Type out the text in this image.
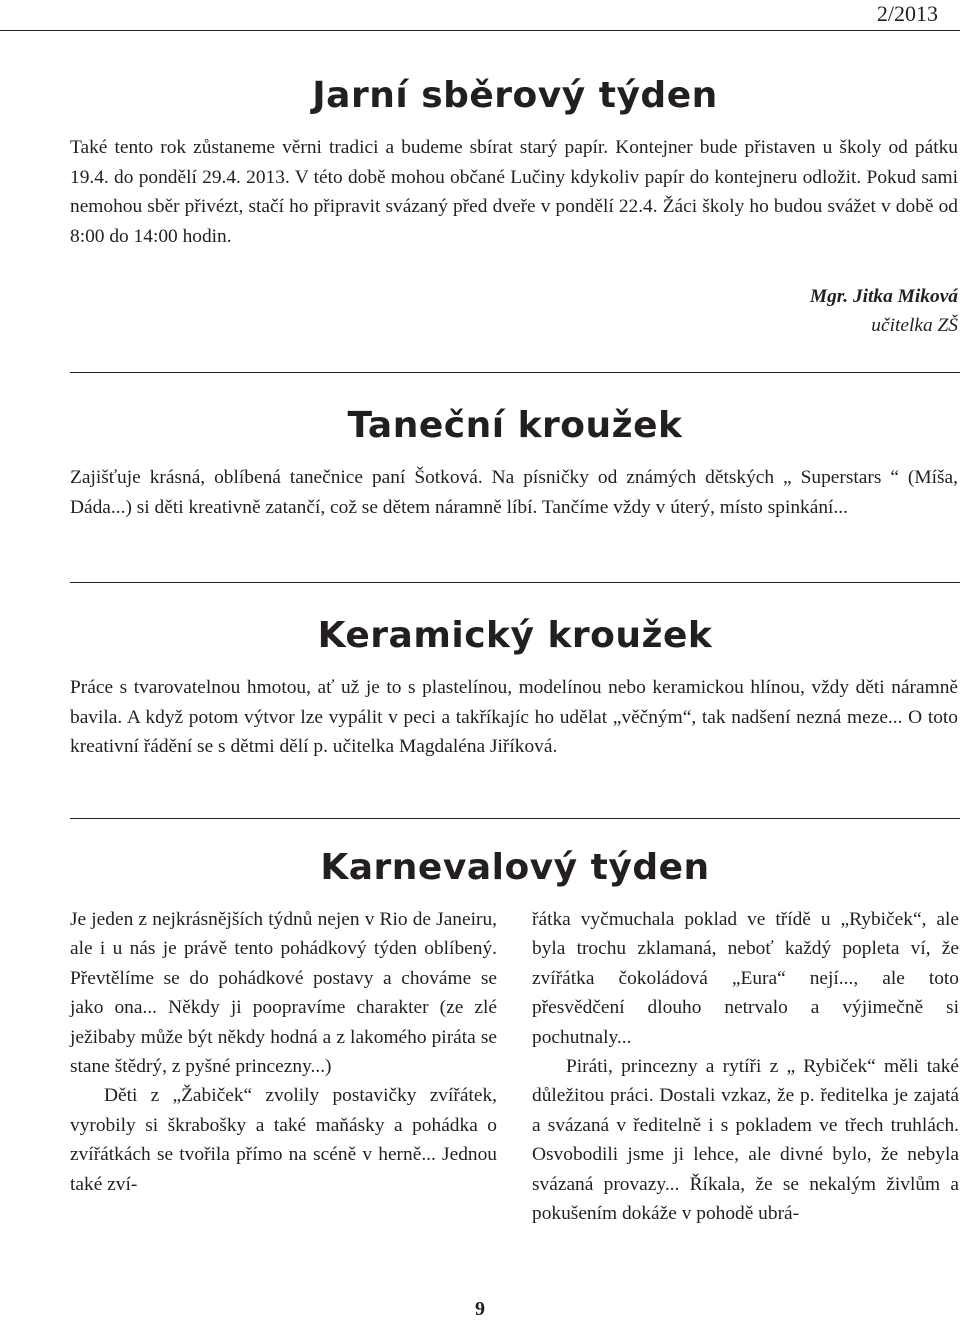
2/2013
Jarní sběrový týden

Také tento rok zůstaneme věrni tradici a budeme sbírat starý papír. Kontejner bude přistaven u školy od pátku 19.4. do pondělí 29.4. 2013. V této době mohou občané Lučiny kdykoliv papír do kontejneru odložit. Pokud sami nemohou sběr přivézt, stačí ho připravit svázaný před dveře v pondělí 22.4. Žáci školy ho budou svážet v době od 8:00 do 14:00 hodin.

Mgr. Jitka Miková
učitelka ZŠ
Taneční kroužek

Zajišťuje krásná, oblíbená tanečnice paní Šotková. Na písničky od známých dětských „ Superstars “ (Míša, Dáda...) si děti kreativně zatančí, což se dětem náramně líbí. Tančíme vždy v úterý, místo spinkání...

Keramický kroužek

Práce s tvarovatelnou hmotou, ať už je to s plastelínou, modelínou nebo keramickou hlínou, vždy děti náramně bavila. A když potom výtvor lze vypálit v peci a takříkajíc ho udělat „věčným“, tak nadšení nezná meze... O toto kreativní řádění se s dětmi dělí p. učitelka Magdaléna Jiříková.

Karnevalový týden

Je jeden z nejkrásnějších týdnů nejen v Rio de Janeiru, ale i u nás je právě tento pohádkový týden oblíbený. Převtělíme se do pohádkové postavy a chováme se jako ona... Někdy ji poopravíme charakter (ze zlé ježibaby může být někdy hodná a z lakomého piráta se stane štědrý, z pyšné princezny...)

Děti z „Žabiček“ zvolily postavičky zvířátek, vyrobily si škrabošky a také maňásky a pohádka o zvířátkách se tvořila přímo na scéně v herně... Jednou také zví-

řátka vyčmuchala poklad ve třídě u „Rybiček“, ale byla trochu zklamaná, neboť každý popleta ví, že zvířátka čokoládová „Eura“ nejí..., ale toto přesvědčení dlouho netrvalo a výjimečně si pochutnaly...

Piráti, princezny a rytíři z „ Rybiček“ měli také důležitou práci. Dostali vzkaz, že p. ředitelka je zajatá a svázaná v ředitelně i s pokladem ve třech truhlách. Osvobodili jsme ji lehce, ale divné bylo, že nebyla svázaná provazy... Říkala, že se nekalým živlům a pokušením dokáže v pohodě ubrá-

9
